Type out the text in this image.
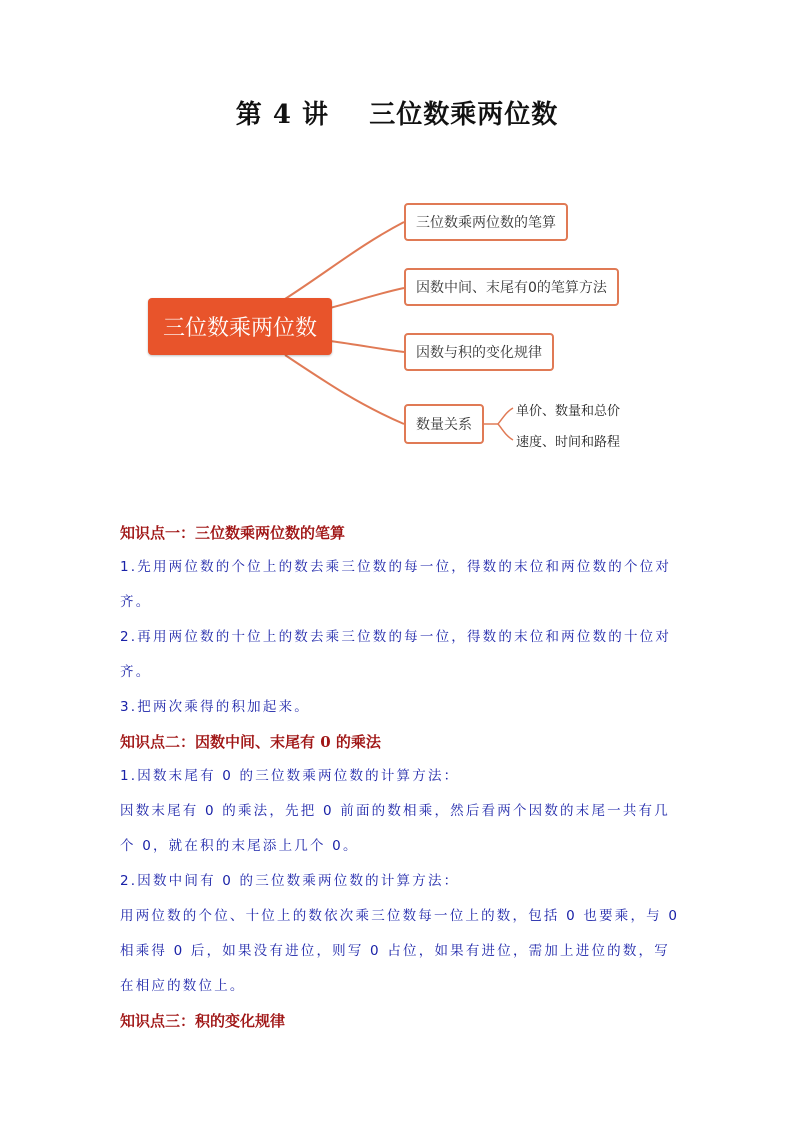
第 4 讲    三位数乘两位数
三位数乘两位数
三位数乘两位数的笔算
因数中间、末尾有0的笔算方法
因数与积的变化规律
数量关系
单价、数量和总价
速度、时间和路程
知识点一：三位数乘两位数的笔算
1.先用两位数的个位上的数去乘三位数的每一位，得数的末位和两位数的个位对齐。
2.再用两位数的十位上的数去乘三位数的每一位，得数的末位和两位数的十位对齐。
3.把两次乘得的积加起来。
知识点二：因数中间、末尾有 0 的乘法
1.因数末尾有 0 的三位数乘两位数的计算方法：
因数末尾有 0 的乘法，先把 0 前面的数相乘，然后看两个因数的末尾一共有几个 0，就在积的末尾添上几个 0。
2.因数中间有 0 的三位数乘两位数的计算方法：
用两位数的个位、十位上的数依次乘三位数每一位上的数，包括 0 也要乘，与 0 相乘得 0 后，如果没有进位，则写 0 占位，如果有进位，需加上进位的数，写在相应的数位上。
知识点三：积的变化规律
